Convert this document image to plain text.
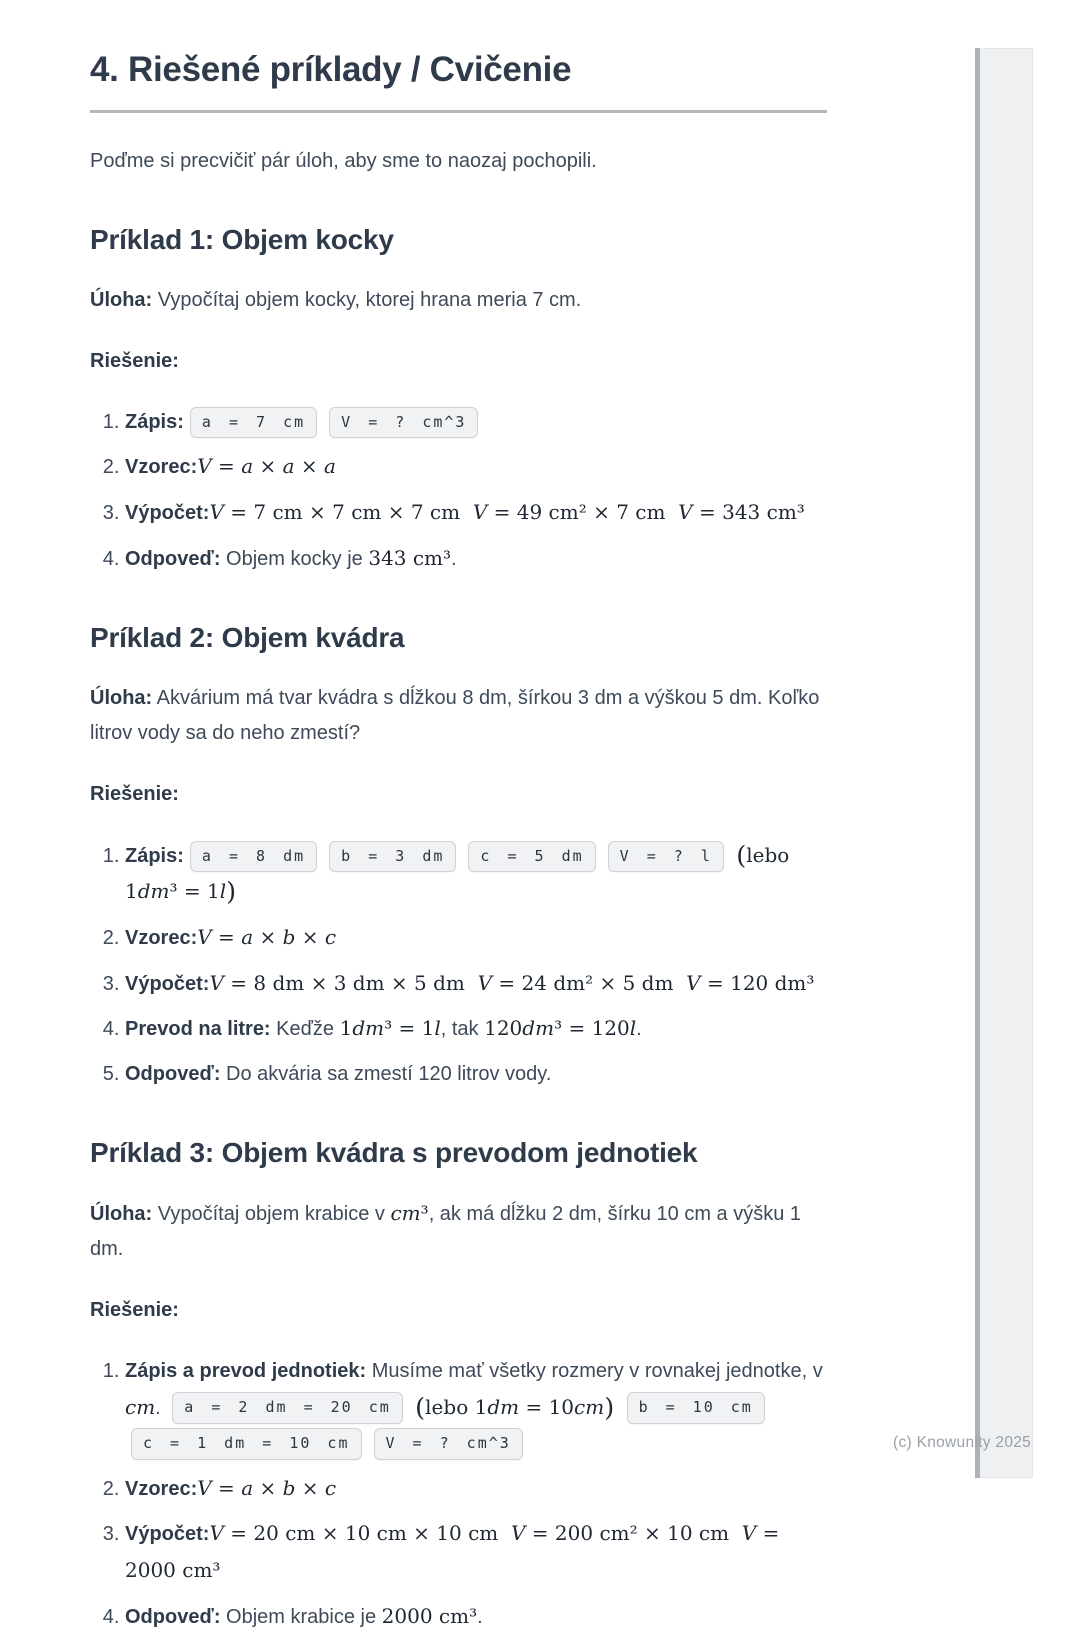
4. Riešené príklady / Cvičenie

Poďme si precvičiť pár úloh, aby sme to naozaj pochopili.

Príklad 1: Objem kocky

Úloha: Vypočítaj objem kocky, ktorej hrana meria 7 cm.

Riešenie:

1. Zápis: a = 7 cm V = ? cm^3
2. Vzorec:V = a × a × a
3. Výpočet:V = 7 cm × 7 cm × 7 cm  V = 49 cm² × 7 cm  V = 343 cm³
4. Odpoveď: Objem kocky je 343 cm³.
Príklad 2: Objem kvádra

Úloha: Akvárium má tvar kvádra s dĺžkou 8 dm, šírkou 3 dm a výškou 5 dm. Koľko litrov vody sa do neho zmestí?

Riešenie:

1. Zápis: a = 8 dm b = 3 dm c = 5 dm V = ? l (lebo 1dm³ = 1l)
2. Vzorec:V = a × b × c
3. Výpočet:V = 8 dm × 3 dm × 5 dm  V = 24 dm² × 5 dm  V = 120 dm³
4. Prevod na litre: Keďže 1dm³ = 1l, tak 120dm³ = 120l.
5. Odpoveď: Do akvária sa zmestí 120 litrov vody.
Príklad 3: Objem kvádra s prevodom jednotiek

Úloha: Vypočítaj objem krabice v cm³, ak má dĺžku 2 dm, šírku 10 cm a výšku 1 dm.

Riešenie:

1. Zápis a prevod jednotiek: Musíme mať všetky rozmery v rovnakej jednotke, v cm. a = 2 dm = 20 cm (lebo 1dm = 10cm) b = 10 cmc = 1 dm = 10 cm V = ? cm^3
2. Vzorec:V = a × b × c
3. Výpočet:V = 20 cm × 10 cm × 10 cm  V = 200 cm² × 10 cm  V = 2000 cm³
4. Odpoveď: Objem krabice je 2000 cm³.
(c) Knowunity 2025
